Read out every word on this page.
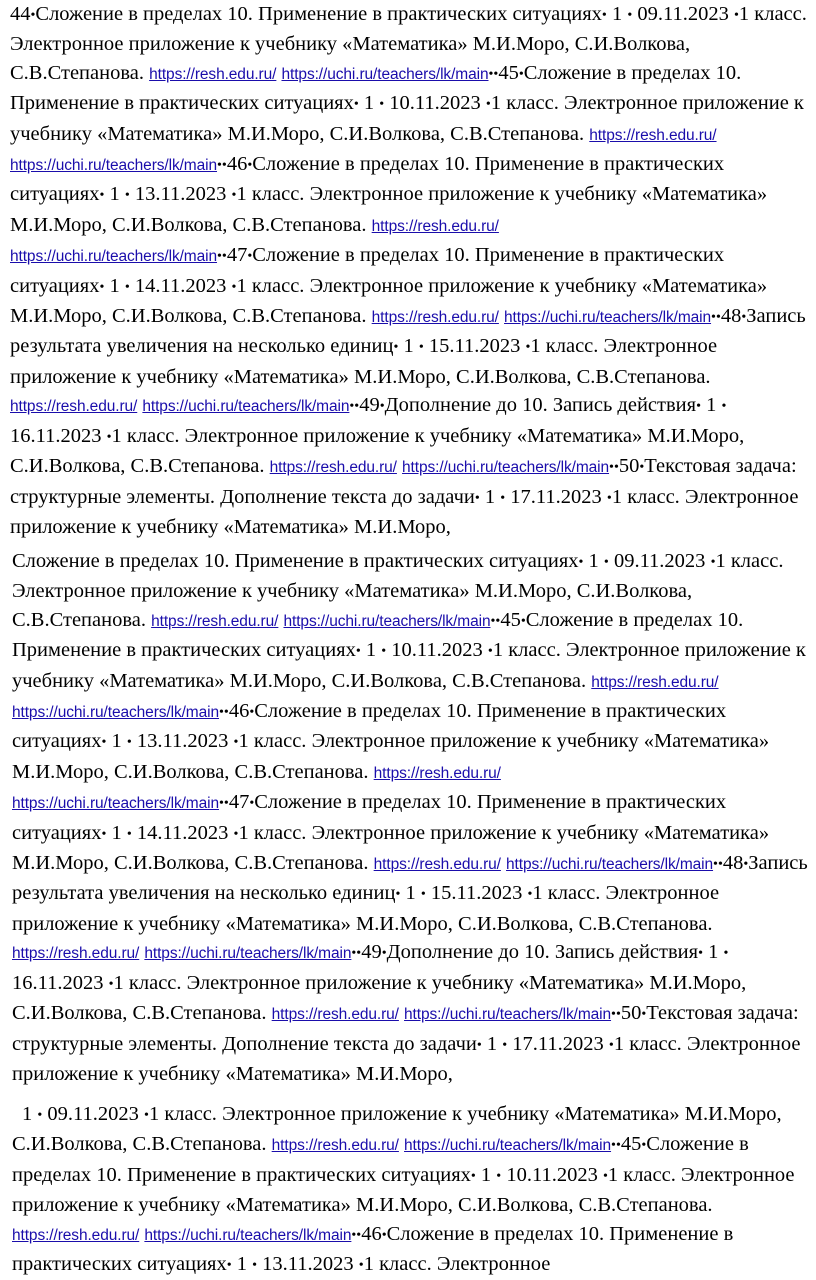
44•Сложение в пределах 10. Применение в практических ситуациях• 1 • 09.11.2023 •1 класс. Электронное приложение к учебнику «Математика» М.И.Моро, С.И.Волкова, С.В.Степанова. https://resh.edu.ru/ https://uchi.ru/teachers/lk/main••45•Сложение в пределах 10. Применение в практических ситуациях• 1 • 10.11.2023 •1 класс. Электронное приложение к учебнику «Математика» М.И.Моро, С.И.Волкова, С.В.Степанова. https://resh.edu.ru/ https://uchi.ru/teachers/lk/main••46•Сложение в пределах 10. Применение в практических ситуациях• 1 • 13.11.2023 •1 класс. Электронное приложение к учебнику «Математика» М.И.Моро, С.И.Волкова, С.В.Степанова. https://resh.edu.ru/ https://uchi.ru/teachers/lk/main••47•Сложение в пределах 10. Применение в практических ситуациях• 1 • 14.11.2023 •1 класс. Электронное приложение к учебнику «Математика» М.И.Моро, С.И.Волкова, С.В.Степанова. https://resh.edu.ru/ https://uchi.ru/teachers/lk/main••48•Запись результата увеличения на несколько единиц• 1 • 15.11.2023 •1 класс. Электронное приложение к учебнику «Математика» М.И.Моро, С.И.Волкова, С.В.Степанова. https://resh.edu.ru/ https://uchi.ru/teachers/lk/main••49•Дополнение до 10. Запись действия• 1 • 16.11.2023 •1 класс. Электронное приложение к учебнику «Математика» М.И.Моро, С.И.Волкова, С.В.Степанова. https://resh.edu.ru/ https://uchi.ru/teachers/lk/main••50•Текстовая задача: структурные элементы. Дополнение текста до задачи• 1 • 17.11.2023 •1 класс. Электронное приложение к учебнику «Математика» М.И.Моро,

Сложение в пределах 10. Применение в практических ситуациях• 1 • 09.11.2023 •1 класс. Электронное приложение к учебнику «Математика» М.И.Моро, С.И.Волкова, С.В.Степанова. https://resh.edu.ru/ https://uchi.ru/teachers/lk/main••45•Сложение в пределах 10. Применение в практических ситуациях• 1 • 10.11.2023 •1 класс. Электронное приложение к учебнику «Математика» М.И.Моро, С.И.Волкова, С.В.Степанова. https://resh.edu.ru/ https://uchi.ru/teachers/lk/main••46•Сложение в пределах 10. Применение в практических ситуациях• 1 • 13.11.2023 •1 класс. Электронное приложение к учебнику «Математика» М.И.Моро, С.И.Волкова, С.В.Степанова. https://resh.edu.ru/ https://uchi.ru/teachers/lk/main••47•Сложение в пределах 10. Применение в практических ситуациях• 1 • 14.11.2023 •1 класс. Электронное приложение к учебнику «Математика» М.И.Моро, С.И.Волкова, С.В.Степанова. https://resh.edu.ru/ https://uchi.ru/teachers/lk/main••48•Запись результата увеличения на несколько единиц• 1 • 15.11.2023 •1 класс. Электронное приложение к учебнику «Математика» М.И.Моро, С.И.Волкова, С.В.Степанова. https://resh.edu.ru/ https://uchi.ru/teachers/lk/main••49•Дополнение до 10. Запись действия• 1 • 16.11.2023 •1 класс. Электронное приложение к учебнику «Математика» М.И.Моро, С.И.Волкова, С.В.Степанова. https://resh.edu.ru/ https://uchi.ru/teachers/lk/main••50•Текстовая задача: структурные элементы. Дополнение текста до задачи• 1 • 17.11.2023 •1 класс. Электронное приложение к учебнику «Математика» М.И.Моро,

1 • 09.11.2023 •1 класс. Электронное приложение к учебнику «Математика» М.И.Моро, С.И.Волкова, С.В.Степанова. https://resh.edu.ru/ https://uchi.ru/teachers/lk/main••45•Сложение в пределах 10. Применение в практических ситуациях• 1 • 10.11.2023 •1 класс. Электронное приложение к учебнику «Математика» М.И.Моро, С.И.Волкова, С.В.Степанова. https://resh.edu.ru/ https://uchi.ru/teachers/lk/main••46•Сложение в пределах 10. Применение в практических ситуациях• 1 • 13.11.2023 •1 класс. Электронное
